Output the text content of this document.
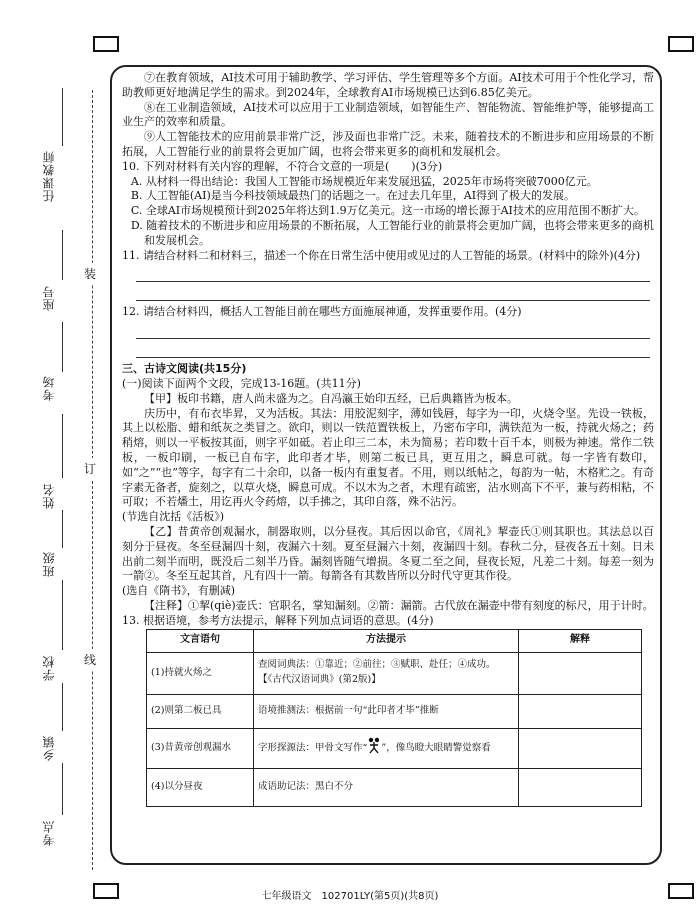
任课教师
座号
考场
姓名
班级
学校
乡镇
考点
装
订
线

⑦在教育领域，AI技术可用于辅助教学、学习评估、学生管理等多个方面。AI技术可用于个性化学习，帮助教师更好地满足学生的需求。到2024年，全球教育AI市场规模已达到6.85亿美元。

⑧在工业制造领域，AI技术可以应用于工业制造领域，如智能生产、智能物流、智能维护等，能够提高工业生产的效率和质量。

⑨人工智能技术的应用前景非常广泛，涉及面也非常广泛。未来，随着技术的不断进步和应用场景的不断拓展，人工智能行业的前景将会更加广阔，也将会带来更多的商机和发展机会。

10. 下列对材料有关内容的理解，不符合文意的一项是(　　)(3分)

A. 从材料一得出结论：我国人工智能市场规模近年来发展迅猛，2025年市场将突破7000亿元。

B. 人工智能(AI)是当今科技领域最热门的话题之一。在过去几年里，AI得到了极大的发展。

C. 全球AI市场规模预计到2025年将达到1.9万亿美元。这一市场的增长源于AI技术的应用范围不断扩大。

D. 随着技术的不断进步和应用场景的不断拓展，人工智能行业的前景将会更加广阔，也将会带来更多的商机和发展机会。

11. 请结合材料二和材料三，描述一个你在日常生活中使用或见过的人工智能的场景。(材料中的除外)(4分)

12. 请结合材料四，概括人工智能目前在哪些方面施展神通，发挥重要作用。(4分)

三、古诗文阅读(共15分)

(一)阅读下面两个文段，完成13-16题。(共11分)

【甲】板印书籍，唐人尚未盛为之。自冯瀛王始印五经，已后典籍皆为板本。

庆历中，有布衣毕昇，又为活板。其法：用胶泥刻字，薄如钱唇，每字为一印，火烧令坚。先设一铁板，其上以松脂、蜡和纸灰之类冒之。欲印，则以一铁范置铁板上，乃密布字印，满铁范为一板，持就火炀之；药稍熔，则以一平板按其面，则字平如砥。若止印三二本，未为简易；若印数十百千本，则极为神速。常作二铁板，一板印刷，一板已自布字，此印者才毕，则第二板已具，更互用之，瞬息可就。每一字皆有数印，如“之”“也”等字，每字有二十余印，以备一板内有重复者。不用，则以纸帖之，每韵为一帖，木格贮之。有奇字素无备者，旋刻之，以草火烧，瞬息可成。不以木为之者，木理有疏密，沾水则高下不平，兼与药相粘，不可取；不若燔土，用讫再火令药熔，以手拂之，其印自落，殊不沾污。

(节选自沈括《活板》)

【乙】昔黄帝创观漏水，制器取则，以分昼夜。其后因以命官，《周礼》挈壶氏①则其职也。其法总以百刻分于昼夜。冬至昼漏四十刻，夜漏六十刻。夏至昼漏六十刻，夜漏四十刻。春秋二分，昼夜各五十刻。日未出前二刻半而明，既没后二刻半乃昏。漏刻皆随气增损。冬夏二至之间，昼夜长短，凡差二十刻。每差一刻为一箭②。冬至互起其首，凡有四十一箭。每箭各有其数皆所以分时代守更其作役。

(选自《隋书》，有删减)

【注释】①挈(qiè)壶氏：官职名，掌知漏刻。②箭：漏箭。古代放在漏壶中带有刻度的标尺，用于计时。

13. 根据语境，参考方法提示，解释下列加点词语的意思。(4分)

文言语句	方法提示	解释
(1)持就火炀之	查阅词典法：①靠近；②前往；③赋职、赴任；④成功。【《古代汉语词典》(第2版)】	
(2)则第二板已具	语境推测法：根据前一句“此印者才毕”推断	
(3)昔黄帝创观漏水	字形探源法：甲骨文写作“ ”，像鸟瞪大眼睛警觉察看	
(4)以分昼夜	成语助记法：黑白不分	
七年级语文　102701LY(第5页)(共8页)
